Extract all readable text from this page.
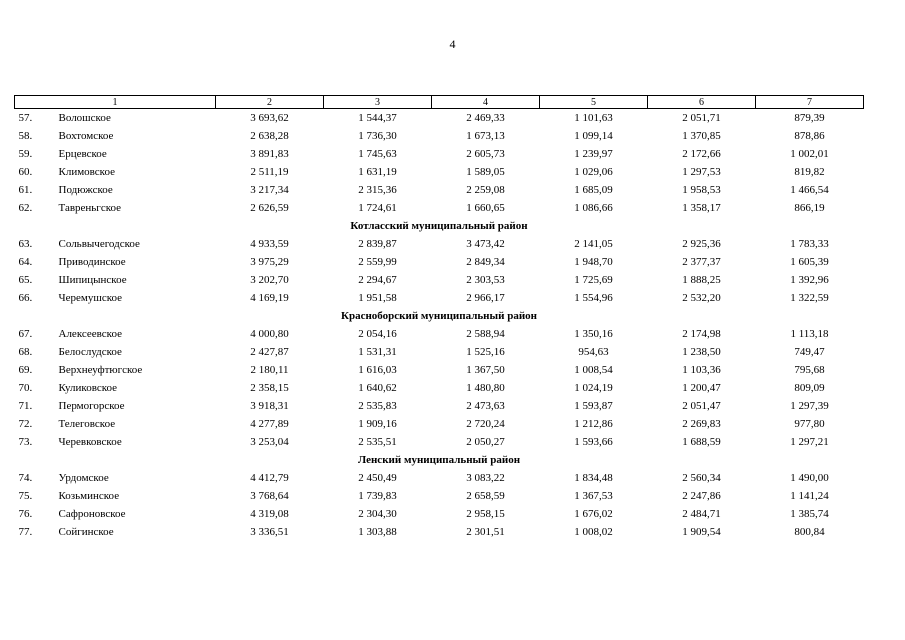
4
1	2	3	4	5	6	7
57. Волошское	3 693,62	1 544,37	2 469,33	1 101,63	2 051,71	879,39
58. Вохтомское	2 638,28	1 736,30	1 673,13	1 099,14	1 370,85	878,86
59. Ерцевское	3 891,83	1 745,63	2 605,73	1 239,97	2 172,66	1 002,01
60. Климовское	2 511,19	1 631,19	1 589,05	1 029,06	1 297,53	819,82
61. Подюжское	3 217,34	2 315,36	2 259,08	1 685,09	1 958,53	1 466,54
62. Тавреньгское	2 626,59	1 724,61	1 660,65	1 086,66	1 358,17	866,19
Котласский муниципальный район						
63. Сольвычегодское	4 933,59	2 839,87	3 473,42	2 141,05	2 925,36	1 783,33
64. Приводинское	3 975,29	2 559,99	2 849,34	1 948,70	2 377,37	1 605,39
65. Шипицынское	3 202,70	2 294,67	2 303,53	1 725,69	1 888,25	1 392,96
66. Черемушское	4 169,19	1 951,58	2 966,17	1 554,96	2 532,20	1 322,59
Красноборский муниципальный район						
67. Алексеевское	4 000,80	2 054,16	2 588,94	1 350,16	2 174,98	1 113,18
68. Белослудское	2 427,87	1 531,31	1 525,16	954,63	1 238,50	749,47
69. Верхнеуфтюгское	2 180,11	1 616,03	1 367,50	1 008,54	1 103,36	795,68
70. Куликовское	2 358,15	1 640,62	1 480,80	1 024,19	1 200,47	809,09
71. Пермогорское	3 918,31	2 535,83	2 473,63	1 593,87	2 051,47	1 297,39
72. Телеговское	4 277,89	1 909,16	2 720,24	1 212,86	2 269,83	977,80
73. Черевковское	3 253,04	2 535,51	2 050,27	1 593,66	1 688,59	1 297,21
Ленский муниципальный район						
74. Урдомское	4 412,79	2 450,49	3 083,22	1 834,48	2 560,34	1 490,00
75. Козьминское	3 768,64	1 739,83	2 658,59	1 367,53	2 247,86	1 141,24
76. Сафроновское	4 319,08	2 304,30	2 958,15	1 676,02	2 484,71	1 385,74
77. Сойгинское	3 336,51	1 303,88	2 301,51	1 008,02	1 909,54	800,84
